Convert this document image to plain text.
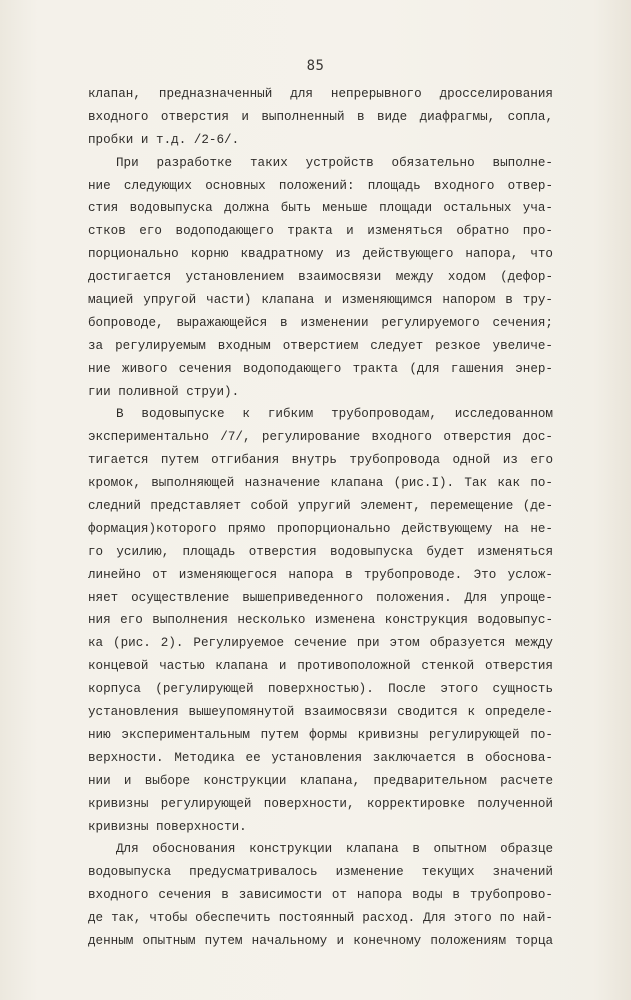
85
клапан, предназначенный для непрерывного дросселирования
входного отверстия и выполненный в виде диафрагмы, сопла,
пробки и т.д. /2-6/.
При разработке таких устройств обязательно выполне-
ние следующих основных положений: площадь входного отвер-
стия водовыпуска должна быть меньше площади остальных уча-
стков его водоподающего тракта и изменяться обратно про-
порционально корню квадратному из действующего напора, что
достигается установлением взаимосвязи между ходом (дефор-
мацией упругой части) клапана и изменяющимся напором в тру-
бопроводе, выражающейся в изменении регулируемого сечения;
за регулируемым входным отверстием следует резкое увеличе-
ние живого сечения водоподающего тракта (для гашения энер-
гии поливной струи).
В водовыпуске к гибким трубопроводам, исследованном
экспериментально /7/, регулирование входного отверстия дос-
тигается путем отгибания внутрь трубопровода одной из его
кромок, выполняющей назначение клапана (рис.I). Так как по-
следний представляет собой упругий элемент, перемещение (де-
формация)которого прямо пропорционально действующему на не-
го усилию, площадь отверстия водовыпуска будет изменяться
линейно от изменяющегося напора в трубопроводе. Это услож-
няет осуществление вышеприведенного положения. Для упроще-
ния его выполнения несколько изменена конструкция водовыпус-
ка (рис. 2). Регулируемое сечение при этом образуется между
концевой частью клапана и противоположной стенкой отверстия
корпуса (регулирующей поверхностью). После этого сущность
установления вышеупомянутой взаимосвязи сводится к определе-
нию экспериментальным путем формы кривизны регулирующей по-
верхности. Методика ее установления заключается в обоснова-
нии и выборе конструкции клапана, предварительном расчете
кривизны регулирующей поверхности, корректировке полученной
кривизны поверхности.
Для обоснования конструкции клапана в опытном образце
водовыпуска предусматривалось изменение текущих значений
входного сечения в зависимости от напора воды в трубопрово-
де так, чтобы обеспечить постоянный расход. Для этого по най-
денным опытным путем начальному и конечному положениям торца
